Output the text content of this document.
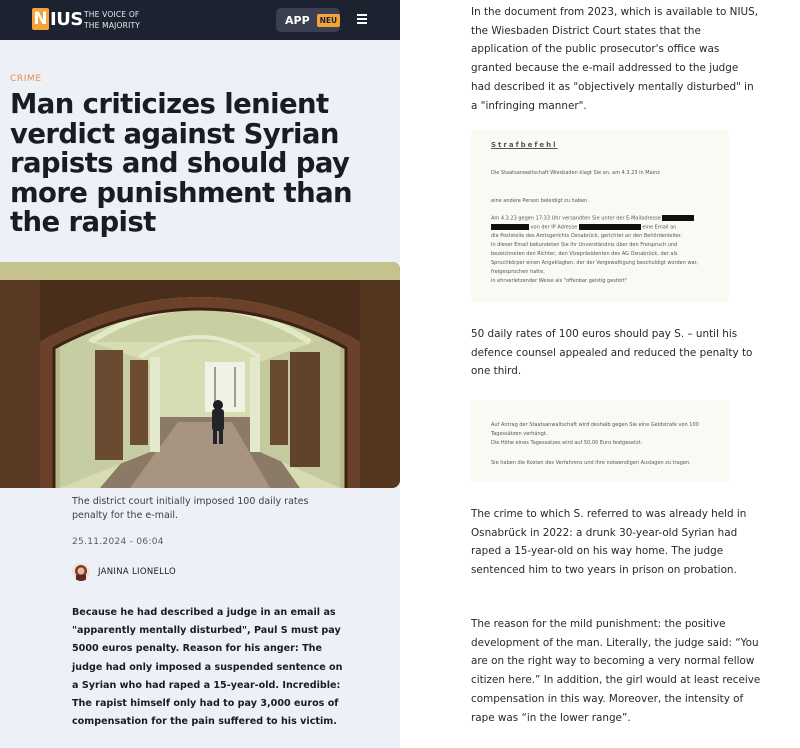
N IUS THE VOICE OF
THE MAJORITY	APP	NEU
CRIME
Man criticizes lenient verdict against Syrian rapists and should pay more punishment than the rapist
The district court initially imposed 100 daily rates penalty for the e-mail.
25.11.2024 - 06:04
JANINA LIONELLO

Because he had described a judge in an email as "apparently mentally disturbed", Paul S must pay 5000 euros penalty. Reason for his anger: The judge had only imposed a suspended sentence on a Syrian who had raped a 15-year-old. Incredible: The rapist himself only had to pay 3,000 euros of compensation for the pain suffered to his victim.

In the document from 2023, which is available to NIUS, the Wiesbaden District Court states that the application of the public prosecutor's office was granted because the e-mail addressed to the judge had described it as "objectively mentally disturbed" in a "infringing manner".

Strafbefehl
Die Staatsanwaltschaft Wiesbaden klagt Sie an, am 4.3.23 in Mainz
eine andere Person beleidigt zu haben.
Am 4.3.23 gegen 17:33 Uhr versandten Sie unter der E-Mailadresse
von der IP Adresse	eine Email an
die Poststelle des Amtsgerichts Osnabrück, gerichtet an den Behördenleiter.
In dieser Email bekundeten Sie Ihr Unverständnis über den Freispruch und
bezeichneten den Richter, den Vizepräsidenten des AG Osnabrück, der als
Spruchkörper einen Angeklagten, der der Vergewaltigung beschuldigt worden war,
freigesprochen hatte,
in ehrverletzender Weise als "offenbar geistig gestört"

50 daily rates of 100 euros should pay S. – until his defence counsel appealed and reduced the penalty to one third.

Auf Antrag der Staatsanwaltschaft wird deshalb gegen Sie eine Geldstrafe von 100
Tagessätzen verhängt.
Die Höhe eines Tagessatzes wird auf 50,00 Euro festgesetzt.
Sie haben die Kosten des Verfahrens und Ihre notwendigen Auslagen zu tragen.

The crime to which S. referred to was already held in Osnabrück in 2022: a drunk 30-year-old Syrian had raped a 15-year-old on his way home. The judge sentenced him to two years in prison on probation.

The reason for the mild punishment: the positive development of the man. Literally, the judge said: “You are on the right way to becoming a very normal fellow citizen here.” In addition, the girl would at least receive compensation in this way. Moreover, the intensity of rape was “in the lower range”.
